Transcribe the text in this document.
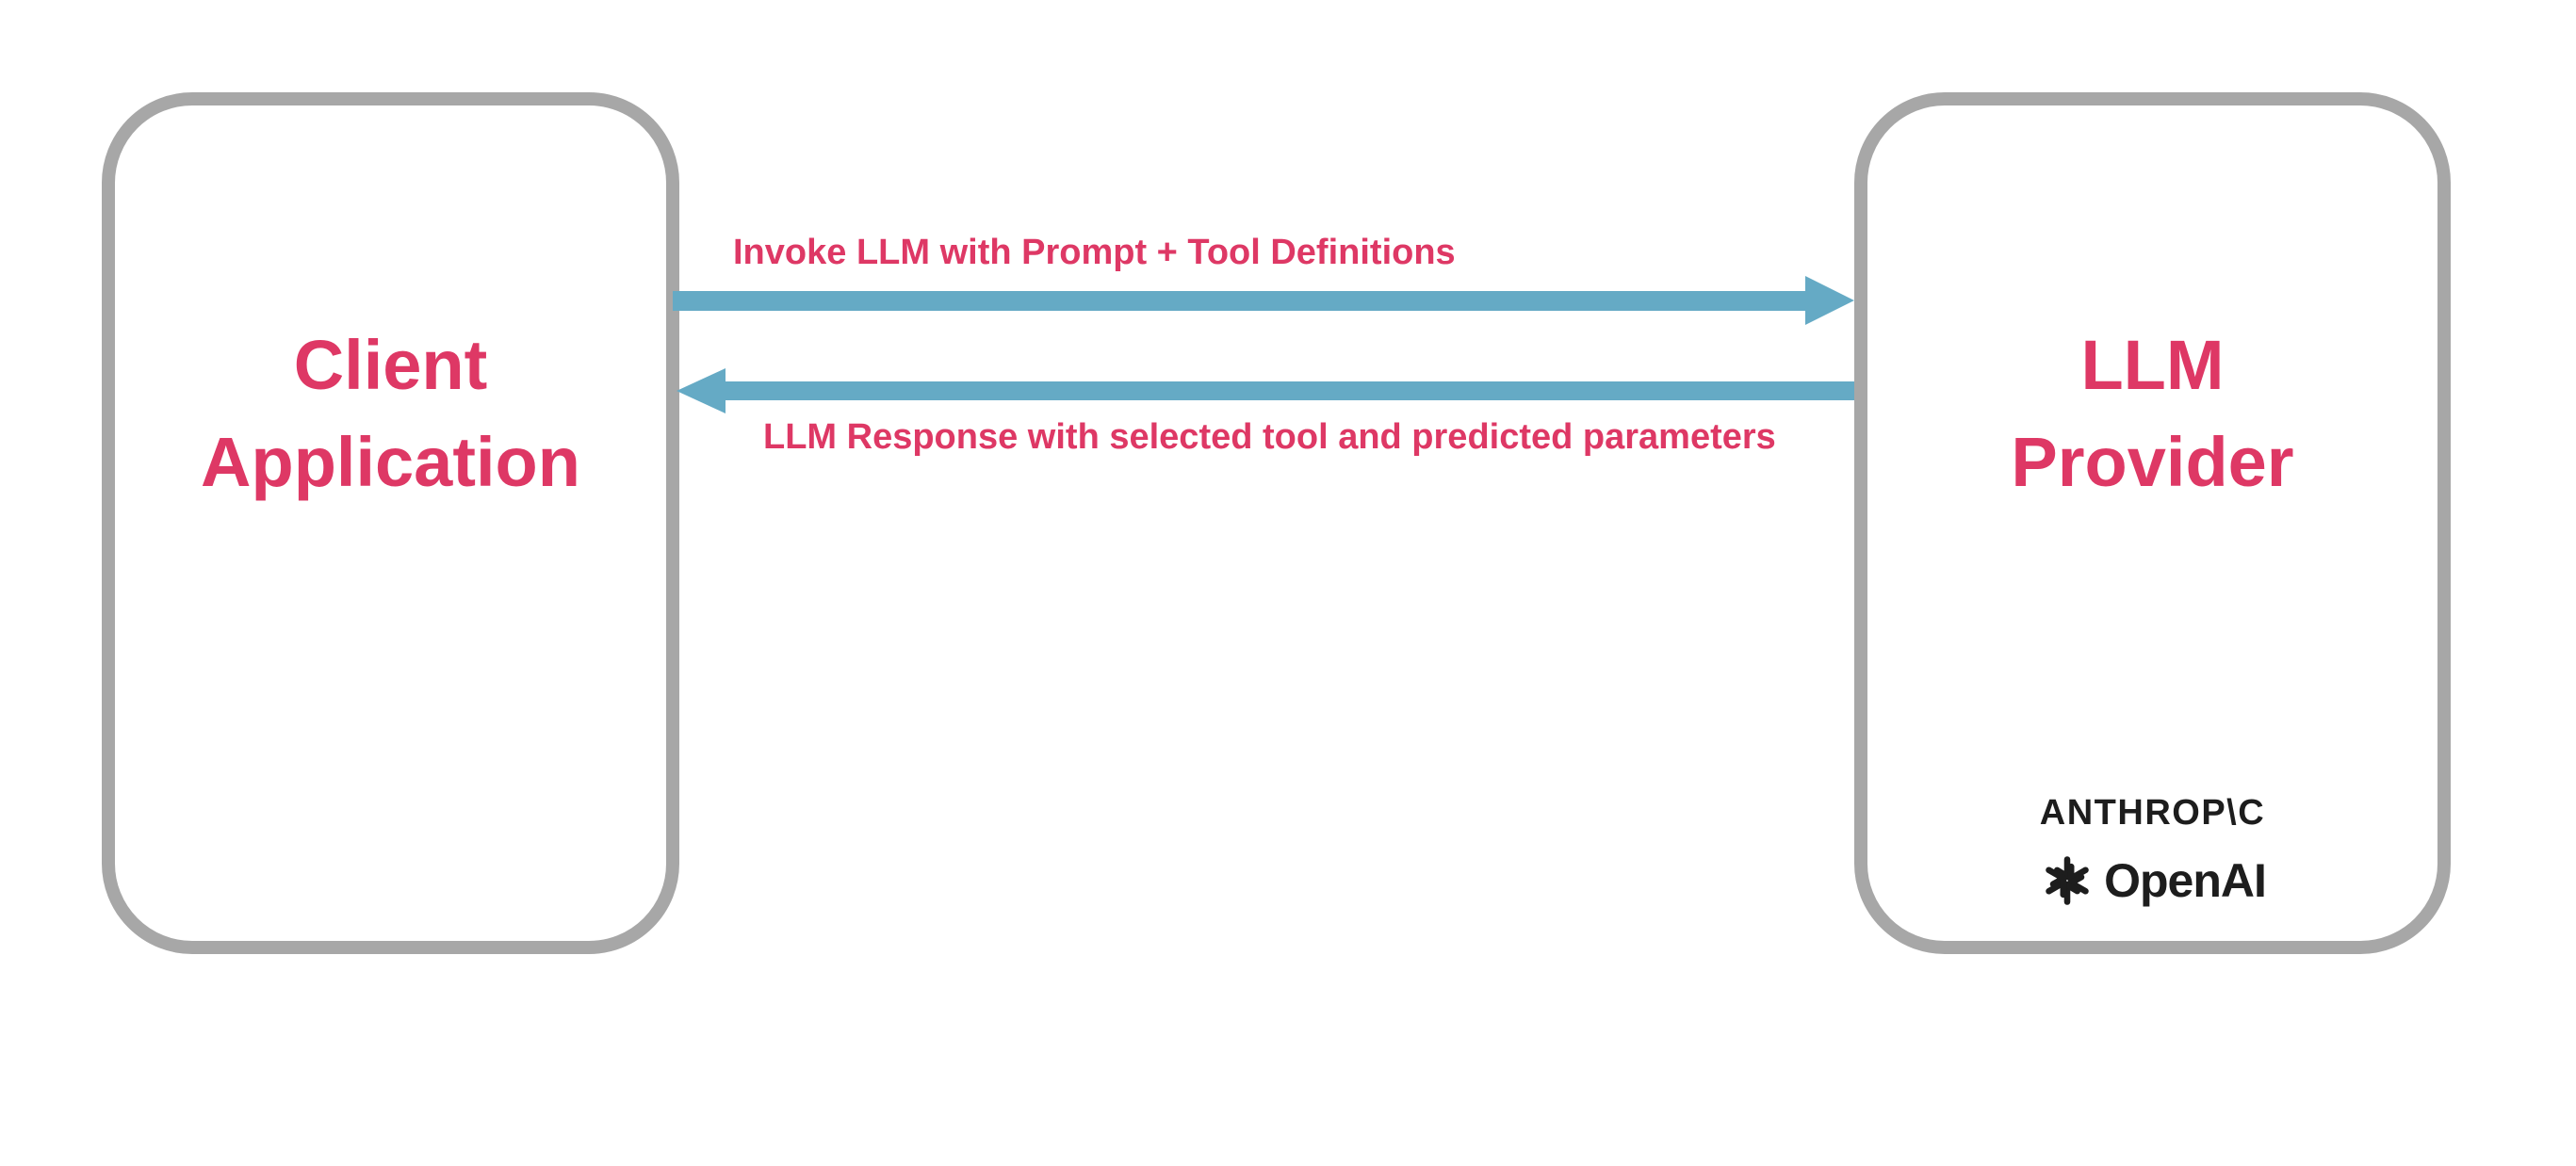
Client
Application
LLM
Provider
ANTHROP\C
OpenAI
Invoke LLM with Prompt + Tool Definitions
LLM Response with selected tool and predicted parameters
